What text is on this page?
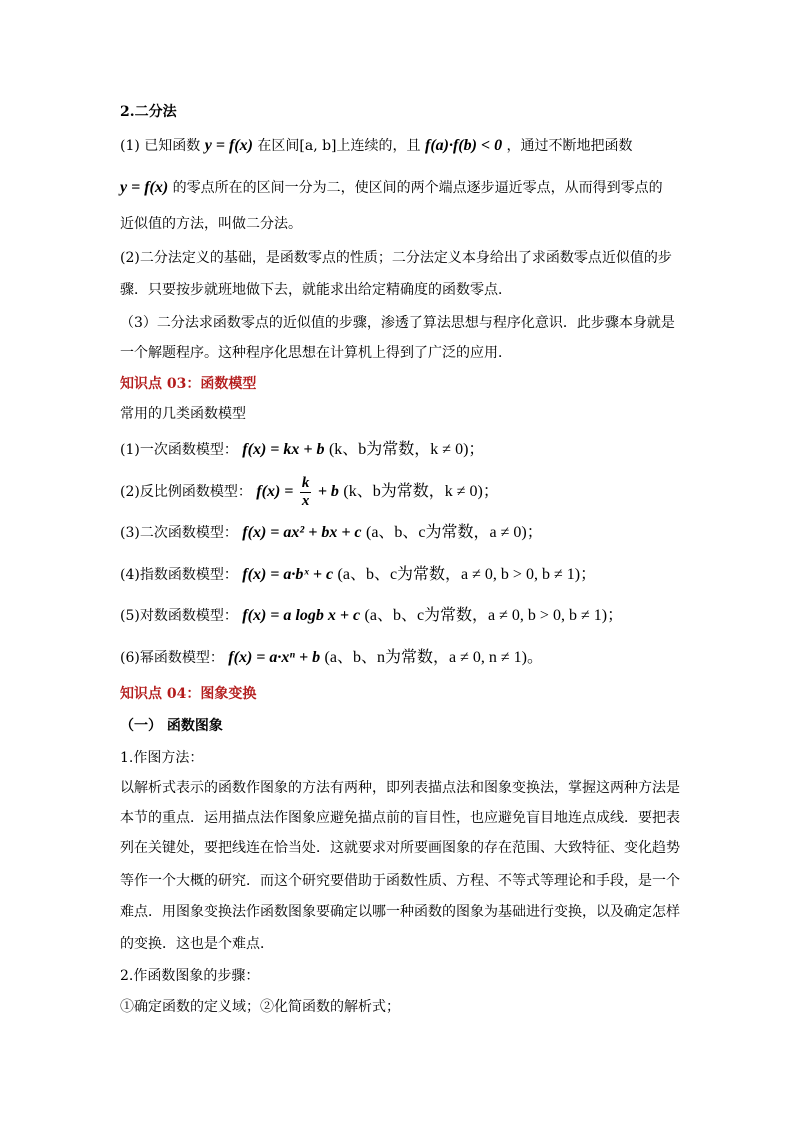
2.二分法
(1) 已知函数 y = f(x) 在区间[a, b]上连续的，且 f(a)·f(b) < 0 ，通过不断地把函数
y = f(x) 的零点所在的区间一分为二，使区间的两个端点逐步逼近零点，从而得到零点的
近似值的方法，叫做二分法。
(2)二分法定义的基础，是函数零点的性质；二分法定义本身给出了求函数零点近似值的步
骤．只要按步就班地做下去，就能求出给定精确度的函数零点．
（3）二分法求函数零点的近似值的步骤，渗透了算法思想与程序化意识．此步骤本身就是
一个解题程序。这种程序化思想在计算机上得到了广泛的应用．
知识点 03：函数模型
常用的几类函数模型
(1)一次函数模型： f(x) = kx + b (k、b为常数，k ≠ 0)；
(2)反比例函数模型： $f(x) = \frac{k}{x} + b$ (k、b为常数，k ≠ 0)；
(3)二次函数模型： f(x) = ax² + bx + c (a、b、c为常数，a ≠ 0)；
(4)指数函数模型： f(x) = a·bˣ + c (a、b、c为常数，a ≠ 0, b > 0, b ≠ 1)；
(5)对数函数模型： f(x) = a logb x + c (a、b、c为常数，a ≠ 0, b > 0, b ≠ 1)；
(6)幂函数模型： f(x) = a·xⁿ + b (a、b、n为常数，a ≠ 0, n ≠ 1)。
知识点 04：图象变换
（一） 函数图象
1.作图方法：
以解析式表示的函数作图象的方法有两种，即列表描点法和图象变换法，掌握这两种方法是
本节的重点．运用描点法作图象应避免描点前的盲目性，也应避免盲目地连点成线．要把表
列在关键处，要把线连在恰当处．这就要求对所要画图象的存在范围、大致特征、变化趋势
等作一个大概的研究．而这个研究要借助于函数性质、方程、不等式等理论和手段，是一个
难点．用图象变换法作函数图象要确定以哪一种函数的图象为基础进行变换，以及确定怎样
的变换．这也是个难点．
2.作函数图象的步骤：
①确定函数的定义域；②化简函数的解析式；
